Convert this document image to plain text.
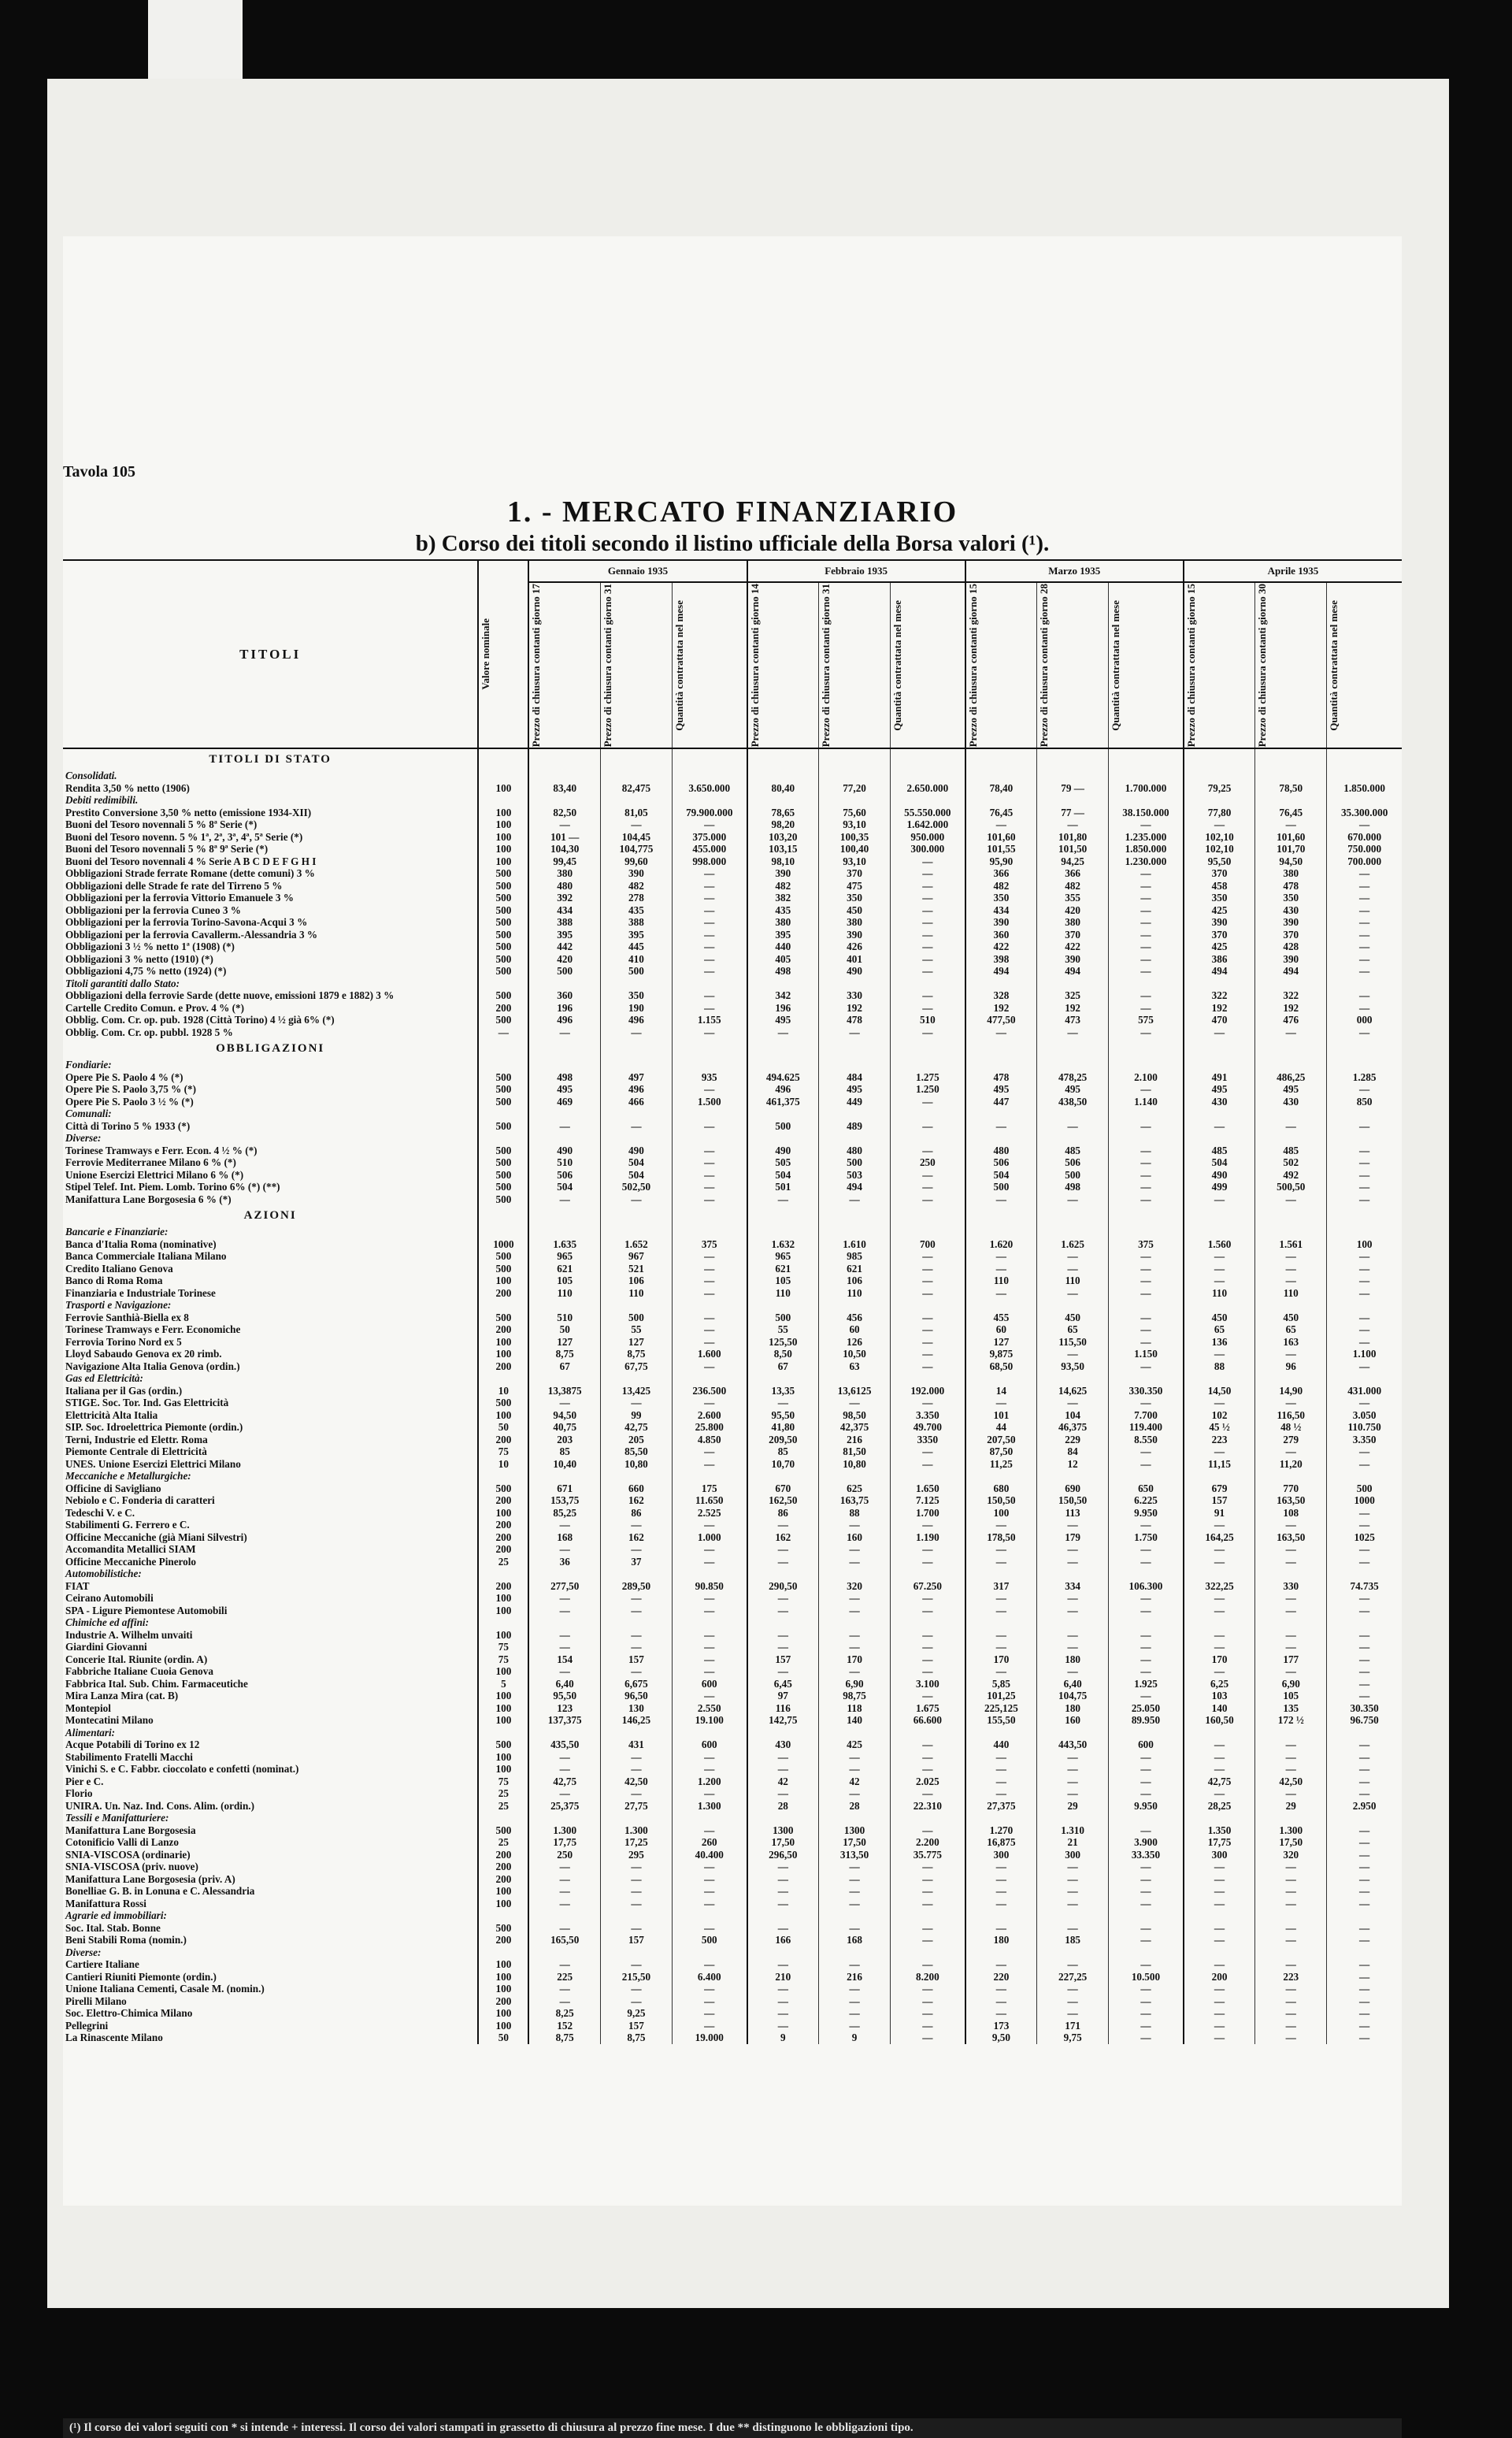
Tavola 105
1. - MERCATO FINANZIARIO
b) Corso dei titoli secondo il listino ufficiale della Borsa valori (¹).
TITOLI	Valore nominale	Gennaio 1935			Febbraio 1935			Marzo 1935			Aprile 1935		

		Prezzo di chiusura contanti giorno 17	Prezzo di chiusura contanti giorno 31	Quantità contrattata nel mese	Prezzo di chiusura contanti giorno 14	Prezzo di chiusura contanti giorno 31	Quantità contrattata nel mese	Prezzo di chiusura contanti giorno 15	Prezzo di chiusura contanti giorno 28	Quantità contrattata nel mese	Prezzo di chiusura contanti giorno 15	Prezzo di chiusura contanti giorno 30	Quantità contrattata nel mese

TITOLI DI STATO													
Consolidati.													
Rendita 3,50 % netto (1906)	100	83,40	82,475	3.650.000	80,40	77,20	2.650.000	78,40	79 —	1.700.000	79,25	78,50	1.850.000
Debiti redimibili.													
Prestito Conversione 3,50 % netto (emissione 1934-XII)	100	82,50	81,05	79.900.000	78,65	75,60	55.550.000	76,45	77 —	38.150.000	77,80	76,45	35.300.000
Buoni del Tesoro novennali 5 % 8ª Serie (*)	100	—	—	—	98,20	93,10	1.642.000	—	—	—	—	—	—
Buoni del Tesoro novenn. 5 % 1ª, 2ª, 3ª, 4ª, 5ª Serie (*)	100	101 —	104,45	375.000	103,20	100,35	950.000	101,60	101,80	1.235.000	102,10	101,60	670.000
Buoni del Tesoro novennali 5 % 8ª 9ª Serie (*)	100	104,30	104,775	455.000	103,15	100,40	300.000	101,55	101,50	1.850.000	102,10	101,70	750.000
Buoni del Tesoro novennali 4 % Serie A B C D E F G H I	100	99,45	99,60	998.000	98,10	93,10	—	95,90	94,25	1.230.000	95,50	94,50	700.000
Obbligazioni Strade ferrate Romane (dette comuni) 3 %	500	380	390	—	390	370	—	366	366	—	370	380	—
Obbligazioni delle Strade fe rate del Tirreno 5 %	500	480	482	—	482	475	—	482	482	—	458	478	—
Obbligazioni per la ferrovia Vittorio Emanuele 3 %	500	392	278	—	382	350	—	350	355	—	350	350	—
Obbligazioni per la ferrovia Cuneo 3 %	500	434	435	—	435	450	—	434	420	—	425	430	—
Obbligazioni per la ferrovia Torino-Savona-Acqui 3 %	500	388	388	—	380	380	—	390	380	—	390	390	—
Obbligazioni per la ferrovia Cavallerm.-Alessandria 3 %	500	395	395	—	395	390	—	360	370	—	370	370	—
Obbligazioni 3 ½ % netto 1ª (1908) (*)	500	442	445	—	440	426	—	422	422	—	425	428	—
Obbligazioni 3 % netto (1910) (*)	500	420	410	—	405	401	—	398	390	—	386	390	—
Obbligazioni 4,75 % netto (1924) (*)	500	500	500	—	498	490	—	494	494	—	494	494	—
Titoli garantiti dallo Stato:													
Obbligazioni della ferrovie Sarde (dette nuove, emissioni 1879 e 1882) 3 %	500	360	350	—	342	330	—	328	325	—	322	322	—
Cartelle Credito Comun. e Prov. 4 % (*)	200	196	190	—	196	192	—	192	192	—	192	192	—
Obblig. Com. Cr. op. pub. 1928 (Città Torino) 4 ½ già 6% (*)	500	496	496	1.155	495	478	510	477,50	473	575	470	476	000
Obblig. Com. Cr. op. pubbl. 1928 5 %	—	—	—	—	—	—	—	—	—	—	—	—	—
OBBLIGAZIONI													
Fondiarie:													
Opere Pie S. Paolo 4 % (*)	500	498	497	935	494.625	484	1.275	478	478,25	2.100	491	486,25	1.285
Opere Pie S. Paolo 3,75 % (*)	500	495	496	—	496	495	1.250	495	495	—	495	495	—
Opere Pie S. Paolo 3 ½ % (*)	500	469	466	1.500	461,375	449	—	447	438,50	1.140	430	430	850
Comunali:													
Città di Torino 5 % 1933 (*)	500	—	—	—	500	489	—	—	—	—	—	—	—
Diverse:													
Torinese Tramways e Ferr. Econ. 4 ½ % (*)	500	490	490	—	490	480	—	480	485	—	485	485	—
Ferrovie Mediterranee Milano 6 % (*)	500	510	504	—	505	500	250	506	506	—	504	502	—
Unione Esercizi Elettrici Milano 6 % (*)	500	506	504	—	504	503	—	504	500	—	490	492	—
Stipel Telef. Int. Piem. Lomb. Torino 6% (*) (**)	500	504	502,50	—	501	494	—	500	498	—	499	500,50	—
Manifattura Lane Borgosesia 6 % (*)	500	—	—	—	—	—	—	—	—	—	—	—	—
AZIONI													
Bancarie e Finanziarie:													
Banca d'Italia Roma (nominative)	1000	1.635	1.652	375	1.632	1.610	700	1.620	1.625	375	1.560	1.561	100
Banca Commerciale Italiana Milano	500	965	967	—	965	985	—	—	—	—	—	—	—
Credito Italiano Genova	500	621	521	—	621	621	—	—	—	—	—	—	—
Banco di Roma Roma	100	105	106	—	105	106	—	110	110	—	—	—	—
Finanziaria e Industriale Torinese	200	110	110	—	110	110	—	—	—	—	110	110	—
Trasporti e Navigazione:													
Ferrovie Santhià-Biella ex 8	500	510	500	—	500	456	—	455	450	—	450	450	—
Torinese Tramways e Ferr. Economiche	200	50	55	—	55	60	—	60	65	—	65	65	—
Ferrovia Torino Nord ex 5	100	127	127	—	125,50	126	—	127	115,50	—	136	163	—
Lloyd Sabaudo Genova ex 20 rimb.	100	8,75	8,75	1.600	8,50	10,50	—	9,875	—	1.150	—	—	1.100
Navigazione Alta Italia Genova (ordin.)	200	67	67,75	—	67	63	—	68,50	93,50	—	88	96	—
Gas ed Elettricità:													
Italiana per il Gas (ordin.)	10	13,3875	13,425	236.500	13,35	13,6125	192.000	14	14,625	330.350	14,50	14,90	431.000
STIGE. Soc. Tor. Ind. Gas Elettricità	500	—	—	—	—	—	—	—	—	—	—	—	—
Elettricità Alta Italia	100	94,50	99	2.600	95,50	98,50	3.350	101	104	7.700	102	116,50	3.050
SIP. Soc. Idroelettrica Piemonte (ordin.)	50	40,75	42,75	25.800	41,80	42,375	49.700	44	46,375	119.400	45 ½	48 ½	110.750
Terni, Industrie ed Elettr. Roma	200	203	205	4.850	209,50	216	3350	207,50	229	8.550	223	279	3.350
Piemonte Centrale di Elettricità	75	85	85,50	—	85	81,50	—	87,50	84	—	—	—	—
UNES. Unione Esercizi Elettrici Milano	10	10,40	10,80	—	10,70	10,80	—	11,25	12	—	11,15	11,20	—
Meccaniche e Metallurgiche:													
Officine di Savigliano	500	671	660	175	670	625	1.650	680	690	650	679	770	500
Nebiolo e C. Fonderia di caratteri	200	153,75	162	11.650	162,50	163,75	7.125	150,50	150,50	6.225	157	163,50	1000
Tedeschi V. e C.	100	85,25	86	2.525	86	88	1.700	100	113	9.950	91	108	—
Stabilimenti G. Ferrero e C.	200	—	—	—	—	—	—	—	—	—	—	—	—
Officine Meccaniche (già Miani Silvestri)	200	168	162	1.000	162	160	1.190	178,50	179	1.750	164,25	163,50	1025
Accomandita Metallici SIAM	200	—	—	—	—	—	—	—	—	—	—	—	—
Officine Meccaniche Pinerolo	25	36	37	—	—	—	—	—	—	—	—	—	—
Automobilistiche:													
FIAT	200	277,50	289,50	90.850	290,50	320	67.250	317	334	106.300	322,25	330	74.735
Ceirano Automobili	100	—	—	—	—	—	—	—	—	—	—	—	—
SPA - Ligure Piemontese Automobili	100	—	—	—	—	—	—	—	—	—	—	—	—
Chimiche ed affini:													
Industrie A. Wilhelm unvaiti	100	—	—	—	—	—	—	—	—	—	—	—	—
Giardini Giovanni	75	—	—	—	—	—	—	—	—	—	—	—	—
Concerie Ital. Riunite (ordin. A)	75	154	157	—	157	170	—	170	180	—	170	177	—
Fabbriche Italiane Cuoia Genova	100	—	—	—	—	—	—	—	—	—	—	—	—
Fabbrica Ital. Sub. Chim. Farmaceutiche	5	6,40	6,675	600	6,45	6,90	3.100	5,85	6,40	1.925	6,25	6,90	—
Mira Lanza Mira (cat. B)	100	95,50	96,50	—	97	98,75	—	101,25	104,75	—	103	105	—
Montepiol	100	123	130	2.550	116	118	1.675	225,125	180	25.050	140	135	30.350
Montecatini Milano	100	137,375	146,25	19.100	142,75	140	66.600	155,50	160	89.950	160,50	172 ½	96.750
Alimentari:													
Acque Potabili di Torino ex 12	500	435,50	431	600	430	425	—	440	443,50	600	—	—	—
Stabilimento Fratelli Macchi	100	—	—	—	—	—	—	—	—	—	—	—	—
Vinichi S. e C. Fabbr. cioccolato e confetti (nominat.)	100	—	—	—	—	—	—	—	—	—	—	—	—
Pier e C.	75	42,75	42,50	1.200	42	42	2.025	—	—	—	42,75	42,50	—
Florio	25	—	—	—	—	—	—	—	—	—	—	—	—
UNIRA. Un. Naz. Ind. Cons. Alim. (ordin.)	25	25,375	27,75	1.300	28	28	22.310	27,375	29	9.950	28,25	29	2.950
Tessili e Manifatturiere:													
Manifattura Lane Borgosesia	500	1.300	1.300	—	1300	1300	—	1.270	1.310	—	1.350	1.300	—
Cotonificio Valli di Lanzo	25	17,75	17,25	260	17,50	17,50	2.200	16,875	21	3.900	17,75	17,50	—
SNIA-VISCOSA (ordinarie)	200	250	295	40.400	296,50	313,50	35.775	300	300	33.350	300	320	—
SNIA-VISCOSA (priv. nuove)	200	—	—	—	—	—	—	—	—	—	—	—	—
Manifattura Lane Borgosesia (priv. A)	200	—	—	—	—	—	—	—	—	—	—	—	—
Bonelliae G. B. in Lonuna e C. Alessandria	100	—	—	—	—	—	—	—	—	—	—	—	—
Manifattura Rossi	100	—	—	—	—	—	—	—	—	—	—	—	—
Agrarie ed immobiliari:													
Soc. Ital. Stab. Bonne	500	—	—	—	—	—	—	—	—	—	—	—	—
Beni Stabili Roma (nomin.)	200	165,50	157	500	166	168	—	180	185	—	—	—	—
Diverse:													
Cartiere Italiane	100	—	—	—	—	—	—	—	—	—	—	—	—
Cantieri Riuniti Piemonte (ordin.)	100	225	215,50	6.400	210	216	8.200	220	227,25	10.500	200	223	—
Unione Italiana Cementi, Casale M. (nomin.)	100	—	—	—	—	—	—	—	—	—	—	—	—
Pirelli Milano	200	—	—	—	—	—	—	—	—	—	—	—	—
Soc. Elettro-Chimica Milano	100	8,25	9,25	—	—	—	—	—	—	—	—	—	—
Pellegrini	100	152	157	—	—	—	—	173	171	—	—	—	—
La Rinascente Milano	50	8,75	8,75	19.000	9	9	—	9,50	9,75	—	—	—	—
(¹) Il corso dei valori seguiti con * si intende + interessi. Il corso dei valori stampati in grassetto di chiusura al prezzo fine mese. I due ** distinguono le obbligazioni tipo.
